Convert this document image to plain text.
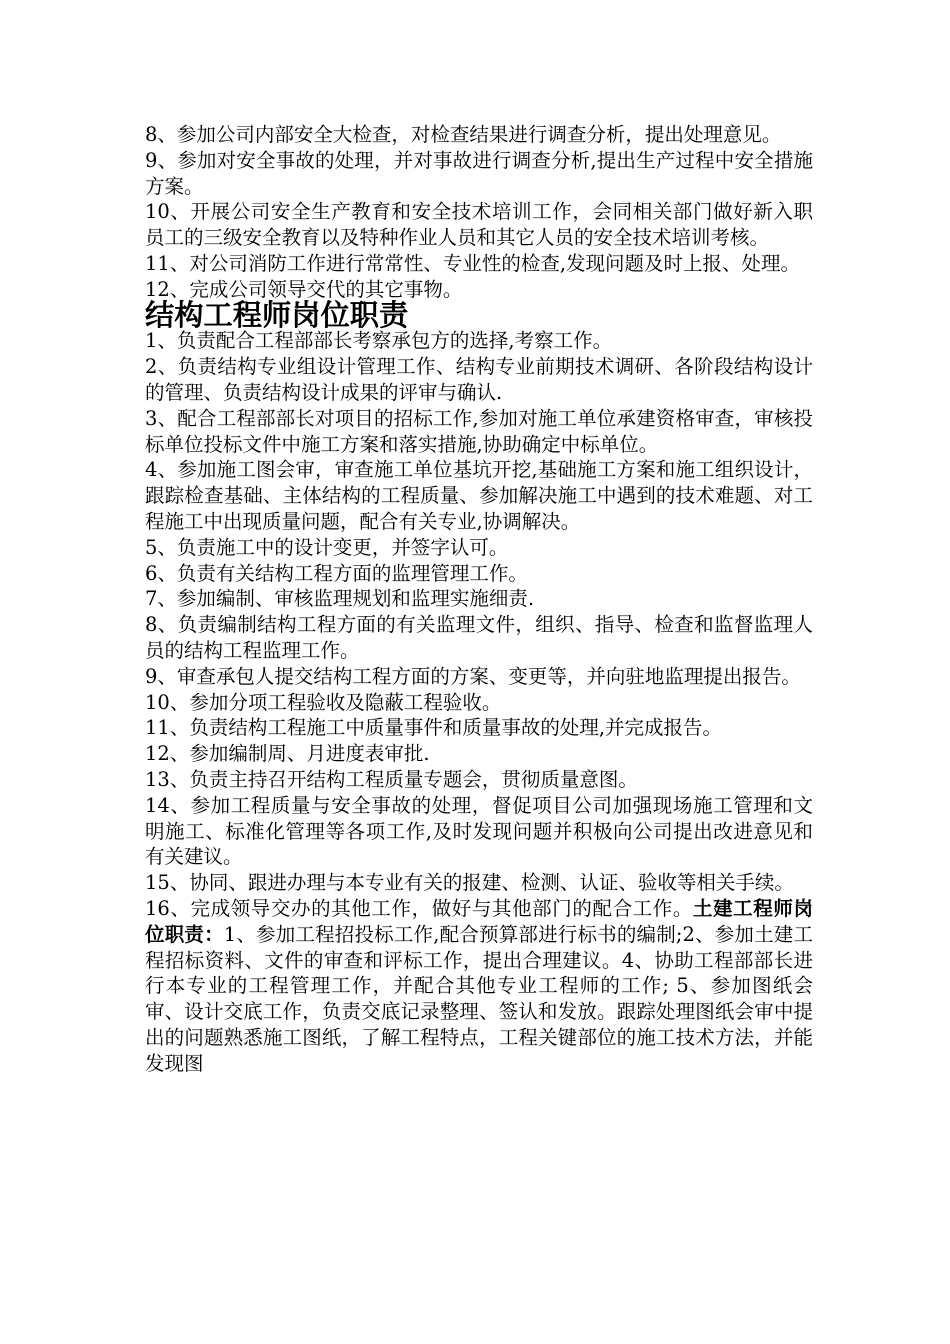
8、参加公司内部安全大检查，对检查结果进行调查分析，提出处理意见。

9、参加对安全事故的处理，并对事故进行调查分析,提出生产过程中安全措施方案。

10、开展公司安全生产教育和安全技术培训工作，会同相关部门做好新入职员工的三级安全教育以及特种作业人员和其它人员的安全技术培训考核。

11、对公司消防工作进行常常性、专业性的检查,发现问题及时上报、处理。

12、完成公司领导交代的其它事物。

结构工程师岗位职责

1、负责配合工程部部长考察承包方的选择,考察工作。

2、负责结构专业组设计管理工作、结构专业前期技术调研、各阶段结构设计的管理、负责结构设计成果的评审与确认.

3、配合工程部部长对项目的招标工作,参加对施工单位承建资格审查，审核投标单位投标文件中施工方案和落实措施,协助确定中标单位。

4、参加施工图会审，审查施工单位基坑开挖,基础施工方案和施工组织设计，跟踪检查基础、主体结构的工程质量、参加解决施工中遇到的技术难题、对工程施工中出现质量问题，配合有关专业,协调解决。

5、负责施工中的设计变更，并签字认可。

6、负责有关结构工程方面的监理管理工作。

7、参加编制、审核监理规划和监理实施细责.

8、负责编制结构工程方面的有关监理文件，组织、指导、检查和监督监理人员的结构工程监理工作。

9、审查承包人提交结构工程方面的方案、变更等，并向驻地监理提出报告。

10、参加分项工程验收及隐蔽工程验收。

11、负责结构工程施工中质量事件和质量事故的处理,并完成报告。

12、参加编制周、月进度表审批.

13、负责主持召开结构工程质量专题会，贯彻质量意图。

14、参加工程质量与安全事故的处理，督促项目公司加强现场施工管理和文明施工、标准化管理等各项工作,及时发现问题并积极向公司提出改进意见和有关建议。

15、协同、跟进办理与本专业有关的报建、检测、认证、验收等相关手续。

16、完成领导交办的其他工作，做好与其他部门的配合工作。土建工程师岗位职责：1、参加工程招投标工作,配合预算部进行标书的编制;2、参加土建工程招标资料、文件的审查和评标工作，提出合理建议。4、协助工程部部长进行本专业的工程管理工作，并配合其他专业工程师的工作; 5、参加图纸会审、设计交底工作，负责交底记录整理、签认和发放。跟踪处理图纸会审中提出的问题熟悉施工图纸，了解工程特点，工程关键部位的施工技术方法，并能发现图
